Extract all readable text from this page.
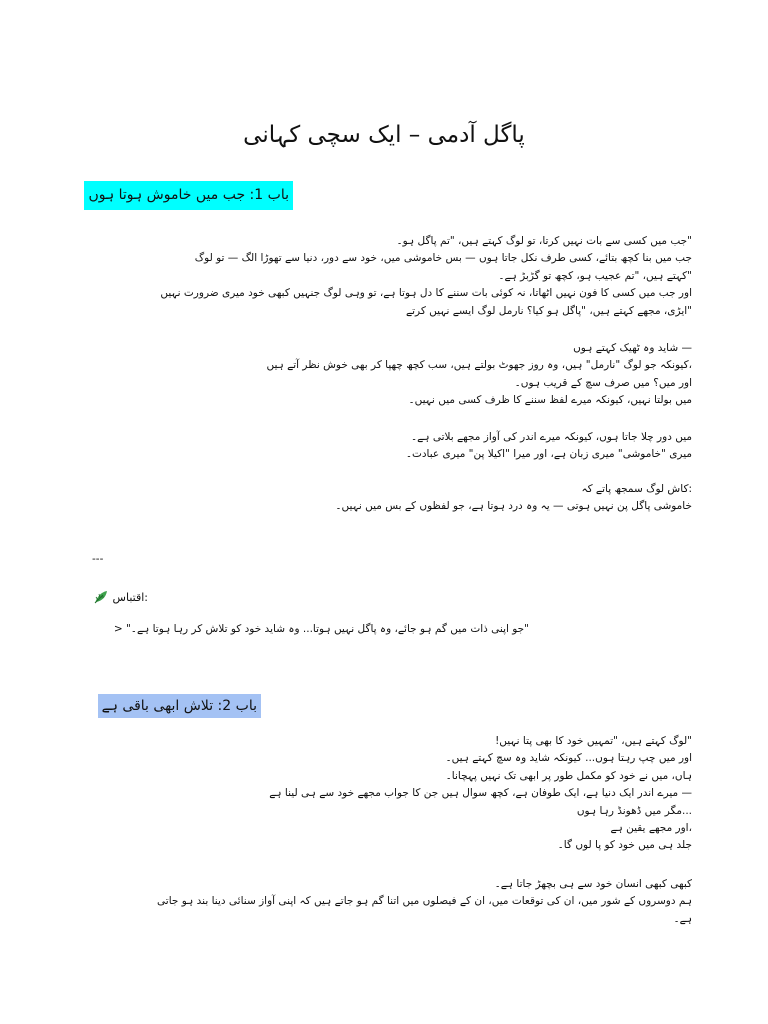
پاگل آدمی – ایک سچی کہانی
باب 1: جب میں خاموش ہوتا ہوں
"جب میں کسی سے بات نہیں کرتا، تو لوگ کہتے ہیں، "تم پاگل ہو۔
جب میں بنا کچھ بتائے، کسی طرف نکل جاتا ہوں — بس خاموشی میں، خود سے دور، دنیا سے تھوڑا الگ — تو لوگ
"کہتے ہیں، "تم عجیب ہو، کچھ تو گڑبڑ ہے۔
اور جب میں کسی کا فون نہیں اٹھاتا، نہ کوئی بات سننے کا دل ہوتا ہے، تو وہی لوگ جنہیں کبھی خود میری ضرورت نہیں
"ایڑی، مجھے کہتے ہیں، "پاگل ہو کیا؟ نارمل لوگ ایسے نہیں کرتے
— شاید وہ ٹھیک کہتے ہوں
،کیونکہ جو لوگ "نارمل" ہیں، وہ روز جھوٹ بولتے ہیں، سب کچھ چھپا کر بھی خوش نظر آتے ہیں
اور میں؟ میں صرف سچ کے قریب ہوں۔
میں بولتا نہیں، کیونکہ میرے لفظ سننے کا ظرف کسی میں نہیں۔
میں دور چلا جاتا ہوں، کیونکہ میرے اندر کی آواز مجھے بلاتی ہے۔
میری "خاموشی" میری زبان ہے، اور میرا "اکیلا پن" میری عبادت۔
:کاش لوگ سمجھ پاتے کہ
خاموشی پاگل پن نہیں ہوتی — یہ وہ درد ہوتا ہے، جو لفظوں کے بس میں نہیں۔
---
:اقتباس
"جو اپنی ذات میں گم ہو جائے، وہ پاگل نہیں ہوتا... وہ شاید خود کو تلاش کر رہا ہوتا ہے۔" <
باب 2: تلاش ابھی باقی ہے
"لوگ کہتے ہیں، "تمہیں خود کا بھی پتا نہیں!
اور میں چپ رہتا ہوں... کیونکہ شاید وہ سچ کہتے ہیں۔
ہاں، میں نے خود کو مکمل طور پر ابھی تک نہیں پہچانا۔
— میرے اندر ایک دنیا ہے، ایک طوفان ہے، کچھ سوال ہیں جن کا جواب مجھے خود سے ہی لینا ہے
...مگر میں ڈھونڈ رہا ہوں
،اور مجھے یقین ہے
جلد ہی میں خود کو پا لوں گا۔
کبھی کبھی انسان خود سے ہی بچھڑ جاتا ہے۔
ہم دوسروں کے شور میں، ان کی توقعات میں، ان کے فیصلوں میں اتنا گم ہو جاتے ہیں کہ اپنی آواز سنائی دینا بند ہو جاتی
ہے۔
